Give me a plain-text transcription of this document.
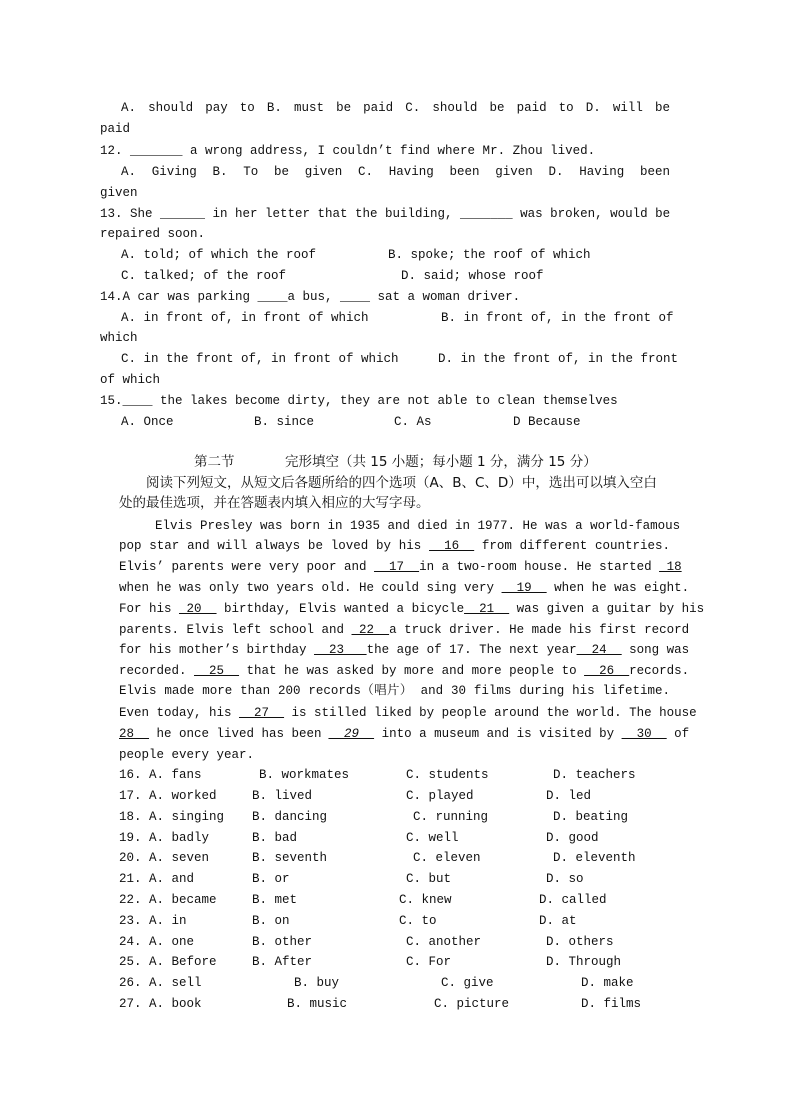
A. should pay to B. must be paid C. should be paid to D. will be
paid
12. _______ a wrong address, I couldn’t find where Mr. Zhou lived.
A. Giving B. To be given C. Having been given D. Having been
given
13. She ______ in her letter that the building, _______ was broken, would be
repaired soon.
A. told; of which the roof	B. spoke; the roof of which
C. talked; of the roof	D. said; whose roof
14.A car was parking ____a bus, ____ sat a woman driver.
A. in front of, in front of which	B. in front of, in the front of
which
C. in the front of, in front of which	D. in the front of, in the front
of which
15.____ the lakes become dirty, they are not able to clean themselves
A. Once	B. since	C. As	D Because
第二节	完形填空（共 15 小题；每小题 1 分，满分 15 分）
阅读下列短文，从短文后各题所给的四个选项（A、B、C、D）中，选出可以填入空白
处的最佳选项，并在答题表内填入相应的大写字母。
Elvis Presley was born in 1935 and died in 1977. He was a world-famous
pop star and will always be loved by his __16__ from different countries.
Elvis’ parents were very poor and __17__in a two-room house. He started _18
when he was only two years old. He could sing very __19__ when he was eight.
For his _20__ birthday, Elvis wanted a bicycle__21__ was given a guitar by his
parents. Elvis left school and _22__a truck driver. He made his first record
for his mother’s birthday __23___the age of 17. The next year__24__ song was
recorded. __25__ that he was asked by more and more people to __26__records.
Elvis made more than 200 records（唱片） and 30 films during his lifetime.
Even today, his __27__ is stilled liked by people around the world. The house
28__ he once lived has been __29__ into a museum and is visited by __30__ of
people every year.
16. A. fans	B. workmates	C. students	D. teachers
17. A. worked	B. lived	C. played	D. led
18. A. singing B. dancing	C. running	D. beating
19. A. badly	B. bad	C. well	D. good
20. A. seven	B. seventh	C. eleven	D. eleventh
21. A. and	B. or	C. but	D. so
22. A. became	B. met	C. knew	D. called
23. A. in	B. on	C. to	D. at
24. A. one	B. other	C. another	D. others
25. A. Before	B. After	C. For	D. Through
26. A. sell	B. buy	C. give	D. make
27. A. book	B. music	C. picture	D. films
